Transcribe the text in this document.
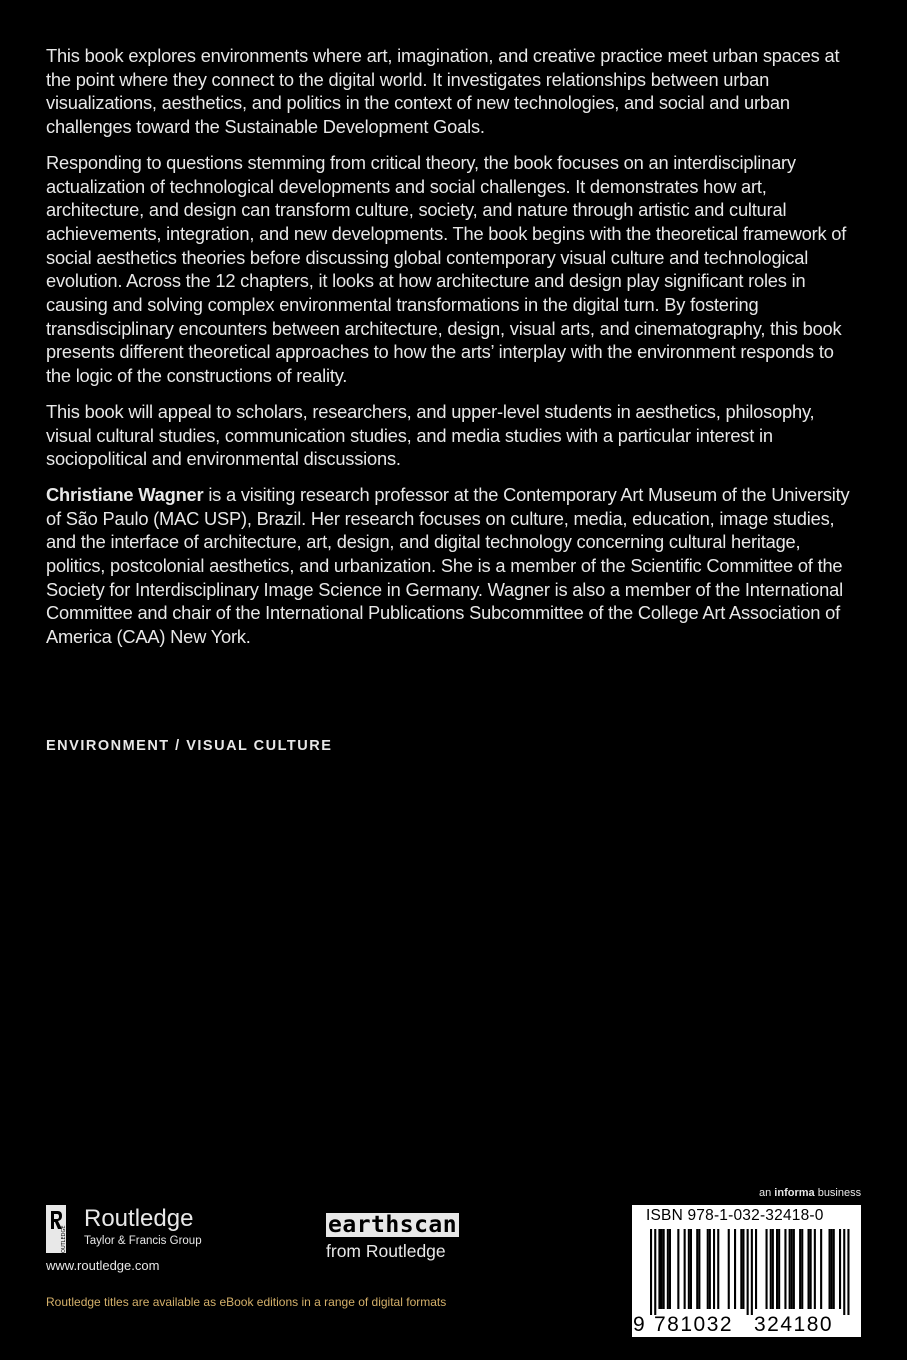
This book explores environments where art, imagination, and creative practice meet urban spaces at the point where they connect to the digital world. It investigates relationships between urban visualizations, aesthetics, and politics in the context of new technologies, and social and urban challenges toward the Sustainable Development Goals.

Responding to questions stemming from critical theory, the book focuses on an interdisciplinary actualization of technological developments and social challenges. It demonstrates how art, architecture, and design can transform culture, society, and nature through artistic and cultural achievements, integration, and new developments. The book begins with the theoretical framework of social aesthetics theories before discussing global contemporary visual culture and technological evolution. Across the 12 chapters, it looks at how architecture and design play significant roles in causing and solving complex environmental transformations in the digital turn. By fostering transdisciplinary encounters between architecture, design, visual arts, and cinematography, this book presents different theoretical approaches to how the arts’ interplay with the environment responds to the logic of the constructions of reality.

This book will appeal to scholars, researchers, and upper-level students in aesthetics, philosophy, visual cultural studies, communication studies, and media studies with a particular interest in sociopolitical and environmental discussions.

Christiane Wagner is a visiting research professor at the Contemporary Art Museum of the University of São Paulo (MAC USP), Brazil. Her research focuses on culture, media, education, image studies, and the interface of architecture, art, design, and digital technology concerning cultural heritage, politics, postcolonial aesthetics, and urbanization. She is a member of the Scientific Committee of the Society for Interdisciplinary Image Science in Germany. Wagner is also a member of the International Committee and chair of the International Publications Subcommittee of the College Art Association of America (CAA) New York.

ENVIRONMENT / VISUAL CULTURE
ROUTLEDGE
Routledge
Taylor & Francis Group
www.routledge.com
Routledge titles are available as eBook editions in a range of digital formats
earthscan
from Routledge
an informa business
ISBN 978-1-032-32418-0
9 781032 324180
